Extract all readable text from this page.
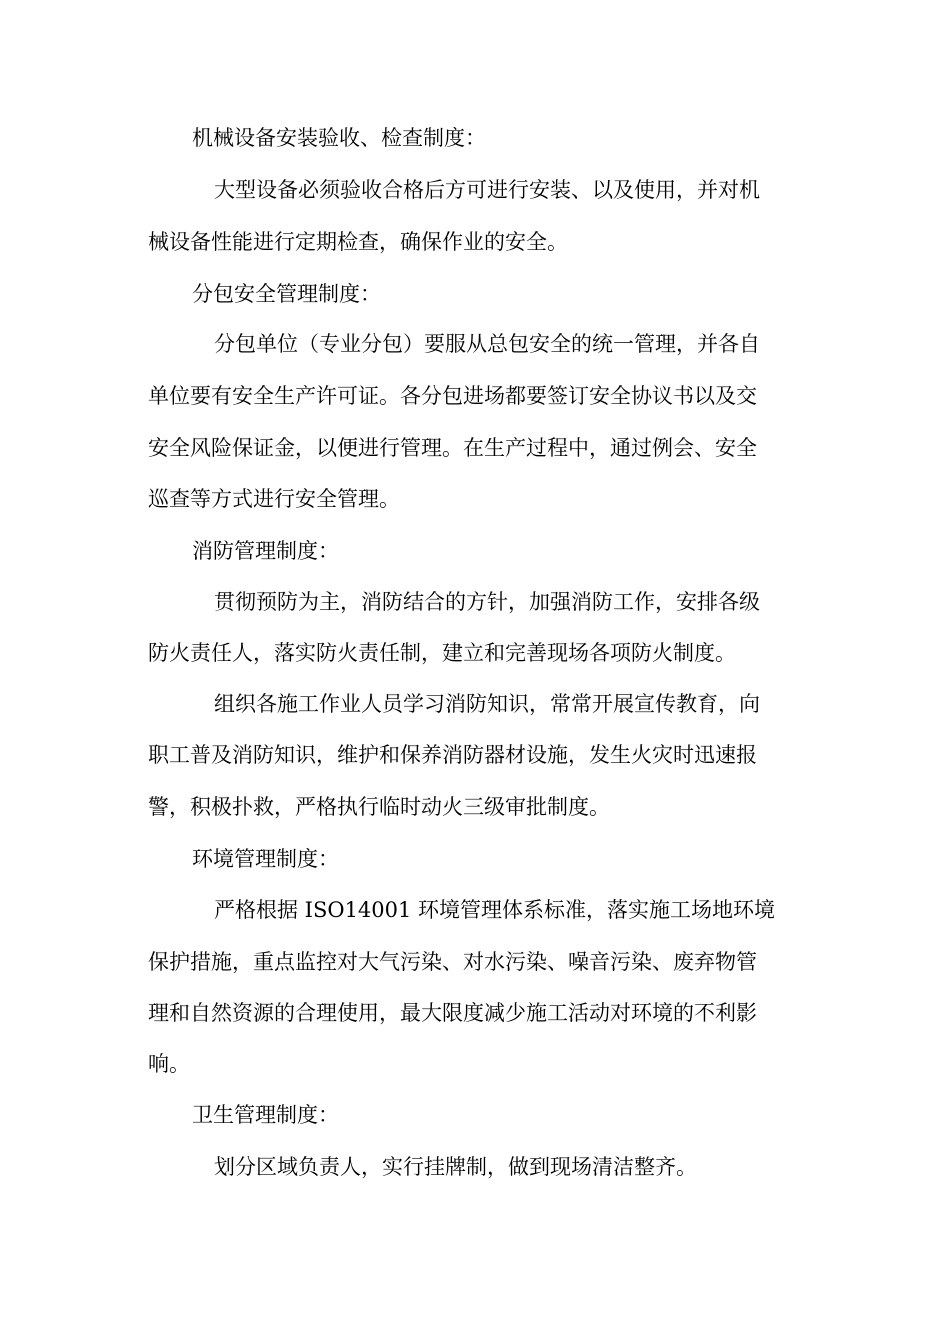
机械设备安装验收、检查制度：
大型设备必须验收合格后方可进行安装、以及使用，并对机
械设备性能进行定期检查，确保作业的安全。
分包安全管理制度：
分包单位（专业分包）要服从总包安全的统一管理，并各自
单位要有安全生产许可证。各分包进场都要签订安全协议书以及交
安全风险保证金，以便进行管理。在生产过程中，通过例会、安全
巡查等方式进行安全管理。
消防管理制度：
贯彻预防为主，消防结合的方针，加强消防工作，安排各级
防火责任人，落实防火责任制，建立和完善现场各项防火制度。
组织各施工作业人员学习消防知识，常常开展宣传教育，向
职工普及消防知识，维护和保养消防器材设施，发生火灾时迅速报
警，积极扑救，严格执行临时动火三级审批制度。
环境管理制度：
严格根据 ISO14001 环境管理体系标准，落实施工场地环境
保护措施，重点监控对大气污染、对水污染、噪音污染、废弃物管
理和自然资源的合理使用，最大限度减少施工活动对环境的不利影
响。
卫生管理制度：
划分区域负责人，实行挂牌制，做到现场清洁整齐。
